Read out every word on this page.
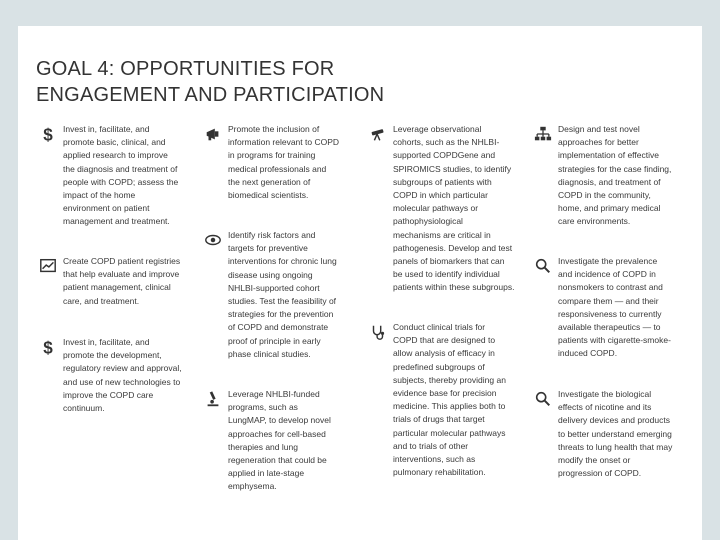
GOAL 4: OPPORTUNITIES FOR
ENGAGEMENT AND PARTICIPATION
$ Invest in, facilitate, and
promote basic, clinical, and
applied research to improve
the diagnosis and treatment of
people with COPD; assess the
impact of the home
environment on patient
management and treatment.
Create COPD patient registries
that help evaluate and improve
patient management, clinical
care, and treatment.
$ Invest in, facilitate, and
promote the development,
regulatory review and approval,
and use of new technologies to
improve the COPD care
continuum.
Promote the inclusion of
information relevant to COPD
in programs for training
medical professionals and
the next generation of
biomedical scientists.
Identify risk factors and
targets for preventive
interventions for chronic lung
disease using ongoing
NHLBI-supported cohort
studies. Test the feasibility of
strategies for the prevention
of COPD and demonstrate
proof of principle in early
phase clinical studies.
Leverage NHLBI-funded
programs, such as
LungMAP, to develop novel
approaches for cell-based
therapies and lung
regeneration that could be
applied in late-stage
emphysema.
Leverage observational
cohorts, such as the NHLBI-
supported COPDGene and
SPIROMICS studies, to identify
subgroups of patients with
COPD in which particular
molecular pathways or
pathophysiological
mechanisms are critical in
pathogenesis. Develop and test
panels of biomarkers that can
be used to identify individual
patients within these subgroups.
Conduct clinical trials for
COPD that are designed to
allow analysis of efficacy in
predefined subgroups of
subjects, thereby providing an
evidence base for precision
medicine. This applies both to
trials of drugs that target
particular molecular pathways
and to trials of other
interventions, such as
pulmonary rehabilitation.
Design and test novel
approaches for better
implementation of effective
strategies for the case finding,
diagnosis, and treatment of
COPD in the community,
home, and primary medical
care environments.
Investigate the prevalence
and incidence of COPD in
nonsmokers to contrast and
compare them — and their
responsiveness to currently
available therapeutics — to
patients with cigarette-smoke-
induced COPD.
Investigate the biological
effects of nicotine and its
delivery devices and products
to better understand emerging
threats to lung health that may
modify the onset or
progression of COPD.
